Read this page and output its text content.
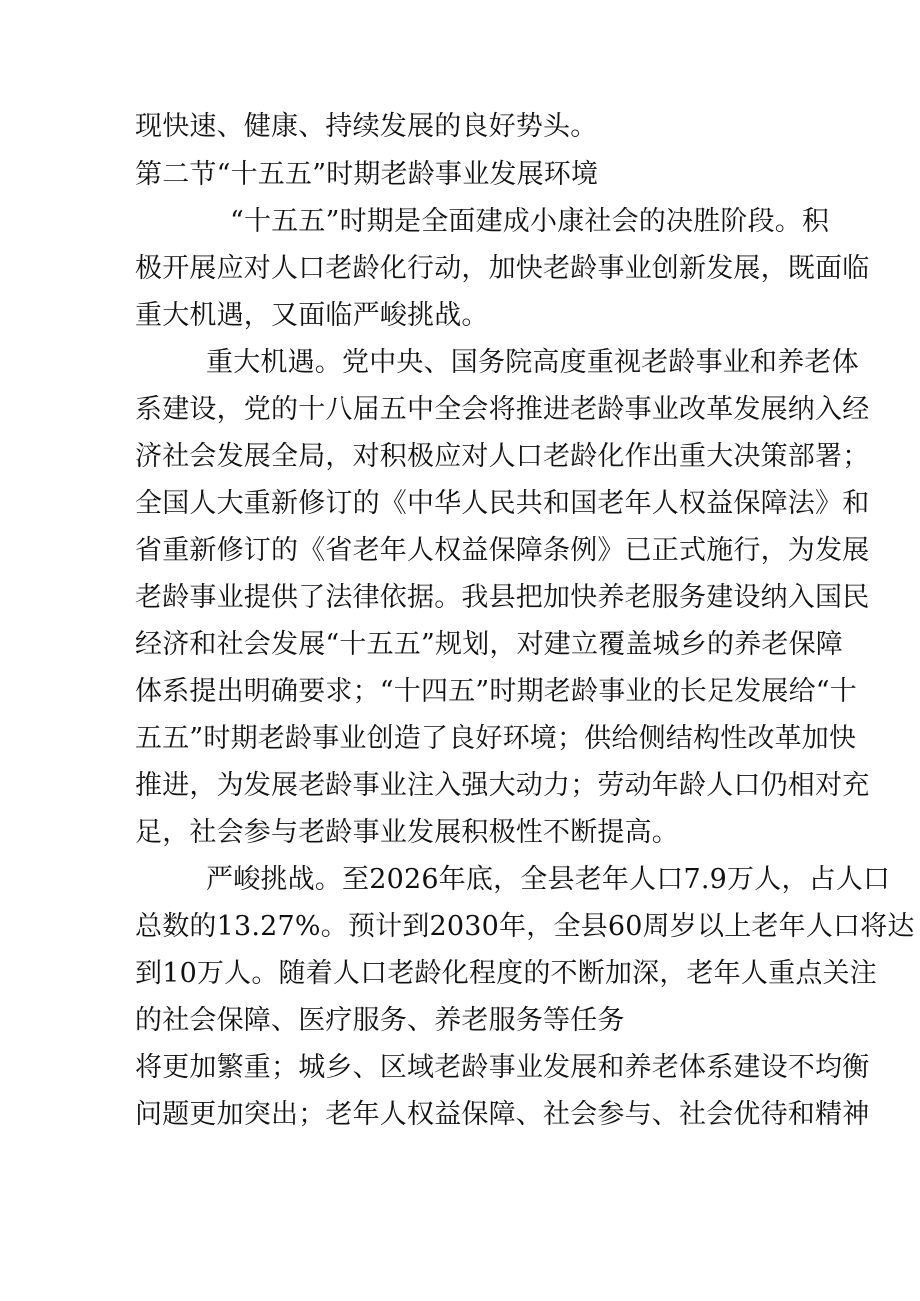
现快速、健康、持续发展的良好势头。
第二节“十五五”时期老龄事业发展环境
“十五五”时期是全面建成小康社会的决胜阶段。积
极开展应对人口老龄化行动，加快老龄事业创新发展，既面临
重大机遇，又面临严峻挑战。
重大机遇。党中央、国务院高度重视老龄事业和养老体
系建设，党的十八届五中全会将推进老龄事业改革发展纳入经
济社会发展全局，对积极应对人口老龄化作出重大决策部署；
全国人大重新修订的《中华人民共和国老年人权益保障法》和
省重新修订的《省老年人权益保障条例》已正式施行，为发展
老龄事业提供了法律依据。我县把加快养老服务建设纳入国民
经济和社会发展“十五五”规划，对建立覆盖城乡的养老保障
体系提出明确要求；“十四五”时期老龄事业的长足发展给“十
五五”时期老龄事业创造了良好环境；供给侧结构性改革加快
推进，为发展老龄事业注入强大动力；劳动年龄人口仍相对充
足，社会参与老龄事业发展积极性不断提高。
严峻挑战。至2026年底，全县老年人口7.9万人，占人口
总数的13.27%。预计到2030年，全县60周岁以上老年人口将达
到10万人。随着人口老龄化程度的不断加深，老年人重点关注
的社会保障、医疗服务、养老服务等任务
将更加繁重；城乡、区域老龄事业发展和养老体系建设不均衡
问题更加突出；老年人权益保障、社会参与、社会优待和精神
